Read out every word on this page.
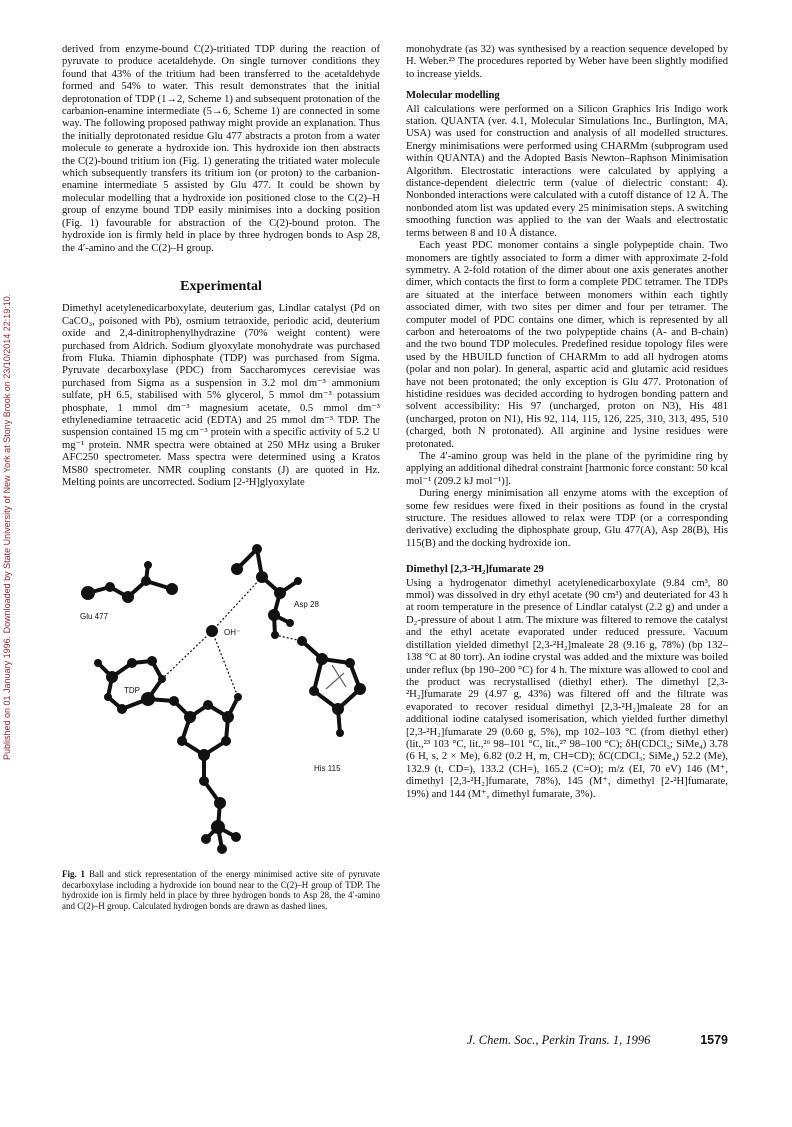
Published on 01 January 1996. Downloaded by State University of New York at Stony Brook on 23/10/2014 22:19:10.

derived from enzyme-bound C(2)-tritiated TDP during the reaction of pyruvate to produce acetaldehyde. On single turnover conditions they found that 43% of the tritium had been transferred to the acetaldehyde formed and 54% to water. This result demonstrates that the initial deprotonation of TDP (1→2, Scheme 1) and subsequent protonation of the carbanion-enamine intermediate (5→6, Scheme 1) are connected in some way. The following proposed pathway might provide an explanation. Thus the initially deprotonated residue Glu 477 abstracts a proton from a water molecule to generate a hydroxide ion. This hydroxide ion then abstracts the C(2)-bound tritium ion (Fig. 1) generating the tritiated water molecule which subsequently transfers its tritium ion (or proton) to the carbanion-enamine intermediate 5 assisted by Glu 477. It could be shown by molecular modelling that a hydroxide ion positioned close to the C(2)–H group of enzyme bound TDP easily minimises into a docking position (Fig. 1) favourable for abstraction of the C(2)-bound proton. The hydroxide ion is firmly held in place by three hydrogen bonds to Asp 28, the 4′-amino and the C(2)–H group.

Experimental

Dimethyl acetylenedicarboxylate, deuterium gas, Lindlar catalyst (Pd on CaCO₃, poisoned with Pb), osmium tetraoxide, periodic acid, deuterium oxide and 2,4-dinitrophenylhydrazine (70% weight content) were purchased from Aldrich. Sodium glyoxylate monohydrate was purchased from Fluka. Thiamin diphosphate (TDP) was purchased from Sigma. Pyruvate decarboxylase (PDC) from Saccharomyces cerevisiae was purchased from Sigma as a suspension in 3.2 mol dm⁻³ ammonium sulfate, pH 6.5, stabilised with 5% glycerol, 5 mmol dm⁻³ potassium phosphate, 1 mmol dm⁻³ magnesium acetate, 0.5 mmol dm⁻³ ethylenediamine tetraacetic acid (EDTA) and 25 mmol dm⁻³ TDP. The suspension contained 15 mg cm⁻³ protein with a specific activity of 5.2 U mg⁻¹ protein. NMR spectra were obtained at 250 MHz using a Bruker AFC250 spectrometer. Mass spectra were determined using a Kratos MS80 spectrometer. NMR coupling constants (J) are quoted in Hz. Melting points are uncorrected. Sodium [2-²H]glyoxylate

Glu 477
Asp 28
OH⁻
TDP
His 115

Fig. 1 Ball and stick representation of the energy minimised active site of pyruvate decarboxylase including a hydroxide ion bound near to the C(2)–H group of TDP. The hydroxide ion is firmly held in place by three hydrogen bonds to Asp 28, the 4′-amino and C(2)–H group. Calculated hydrogen bonds are drawn as dashed lines.

monohydrate (as 32) was synthesised by a reaction sequence developed by H. Weber.²³ The procedures reported by Weber have been slightly modified to increase yields.

Molecular modelling

All calculations were performed on a Silicon Graphics Iris Indigo work station. QUANTA (ver. 4.1, Molecular Simulations Inc., Burlington, MA, USA) was used for construction and analysis of all modelled structures. Energy minimisations were performed using CHARMm (subprogram used within QUANTA) and the Adopted Basis Newton–Raphson Minimisation Algorithm. Electrostatic interactions were calculated by applying a distance-dependent dielectric term (value of dielectric constant: 4). Nonbonded interactions were calculated with a cutoff distance of 12 Å. The nonbonded atom list was updated every 25 minimisation steps. A switching smoothing function was applied to the van der Waals and electrostatic terms between 8 and 10 Å distance.

Each yeast PDC monomer contains a single polypeptide chain. Two monomers are tightly associated to form a dimer with approximate 2-fold symmetry. A 2-fold rotation of the dimer about one axis generates another dimer, which contacts the first to form a complete PDC tetramer. The TDPs are situated at the interface between monomers within each tightly associated dimer, with two sites per dimer and four per tetramer. The computer model of PDC contains one dimer, which is represented by all carbon and heteroatoms of the two polypeptide chains (A- and B-chain) and the two bound TDP molecules. Predefined residue topology files were used by the HBUILD function of CHARMm to add all hydrogen atoms (polar and non polar). In general, aspartic acid and glutamic acid residues have not been protonated; the only exception is Glu 477. Protonation of histidine residues was decided according to hydrogen bonding pattern and solvent accessibility: His 97 (uncharged, proton on N3), His 481 (uncharged, proton on N1), His 92, 114, 115, 126, 225, 310, 313, 495, 510 (charged, both N protonated). All arginine and lysine residues were protonated.

The 4′-amino group was held in the plane of the pyrimidine ring by applying an additional dihedral constraint [harmonic force constant: 50 kcal mol⁻¹ (209.2 kJ mol⁻¹)].

During energy minimisation all enzyme atoms with the exception of some few residues were fixed in their positions as found in the crystal structure. The residues allowed to relax were TDP (or a corresponding derivative) excluding the diphosphate group, Glu 477(A), Asp 28(B), His 115(B) and the docking hydroxide ion.

Dimethyl [2,3-²H₂]fumarate 29

Using a hydrogenator dimethyl acetylenedicarboxylate (9.84 cm³, 80 mmol) was dissolved in dry ethyl acetate (90 cm³) and deuteriated for 43 h at room temperature in the presence of Lindlar catalyst (2.2 g) and under a D₂-pressure of about 1 atm. The mixture was filtered to remove the catalyst and the ethyl acetate evaporated under reduced pressure. Vacuum distillation yielded dimethyl [2,3-²H₂]maleate 28 (9.16 g, 78%) (bp 132–138 °C at 80 torr). An iodine crystal was added and the mixture was boiled under reflux (bp 190–200 °C) for 4 h. The mixture was allowed to cool and the product was recrystallised (diethyl ether). The dimethyl [2,3-²H₂]fumarate 29 (4.97 g, 43%) was filtered off and the filtrate was evaporated to recover residual dimethyl [2,3-²H₂]maleate 28 for an additional iodine catalysed isomerisation, which yielded further dimethyl [2,3-²H₂]fumarate 29 (0.60 g, 5%), mp 102–103 °C (from diethyl ether) (lit.,²³ 103 °C, lit.,²⁶ 98–101 °C, lit.,²⁷ 98–100 °C); δH(CDCl₃; SiMe₄) 3.78 (6 H, s, 2 × Me), 6.82 (0.2 H, m, CH=CD); δC(CDCl₃; SiMe₄) 52.2 (Me), 132.9 (t, CD=), 133.2 (CH=), 165.2 (C=O); m/z (EI, 70 eV) 146 (M⁺, dimethyl [2,3-²H₂]fumarate, 78%), 145 (M⁺, dimethyl [2-²H]fumarate, 19%) and 144 (M⁺, dimethyl fumarate, 3%).

J. Chem. Soc., Perkin Trans. 1, 1996	1579
